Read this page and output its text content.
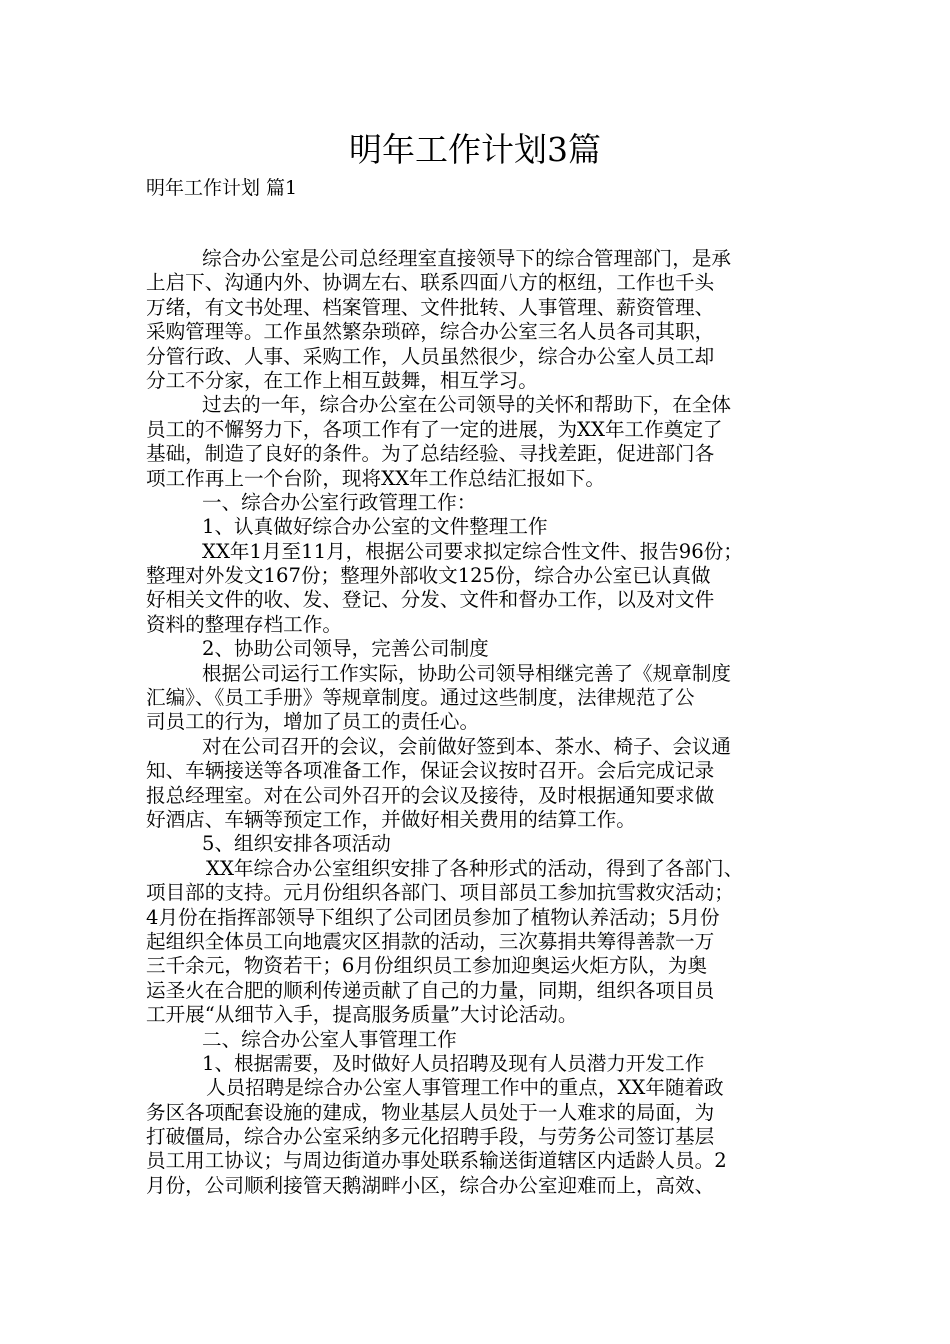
明年工作计划3篇
明年工作计划 篇1
综合办公室是公司总经理室直接领导下的综合管理部门，是承
上启下、沟通内外、协调左右、联系四面八方的枢纽，工作也千头
万绪，有文书处理、档案管理、文件批转、人事管理、薪资管理、
采购管理等。工作虽然繁杂琐碎，综合办公室三名人员各司其职，
分管行政、人事、采购工作，人员虽然很少，综合办公室人员工却
分工不分家，在工作上相互鼓舞，相互学习。
过去的一年，综合办公室在公司领导的关怀和帮助下，在全体
员工的不懈努力下，各项工作有了一定的进展，为XX年工作奠定了
基础，制造了良好的条件。为了总结经验、寻找差距，促进部门各
项工作再上一个台阶，现将XX年工作总结汇报如下。
一、综合办公室行政管理工作：
1、认真做好综合办公室的文件整理工作
XX年1月至11月，根据公司要求拟定综合性文件、报告96份；
整理对外发文167份；整理外部收文125份，综合办公室已认真做
好相关文件的收、发、登记、分发、文件和督办工作，以及对文件
资料的整理存档工作。
2、协助公司领导，完善公司制度
根据公司运行工作实际，协助公司领导相继完善了《规章制度
汇编》、《员工手册》等规章制度。通过这些制度，法律规范了公
司员工的行为，增加了员工的责任心。
对在公司召开的会议，会前做好签到本、茶水、椅子、会议通
知、车辆接送等各项准备工作，保证会议按时召开。会后完成记录
报总经理室。对在公司外召开的会议及接待，及时根据通知要求做
好酒店、车辆等预定工作，并做好相关费用的结算工作。
5、组织安排各项活动
XX年综合办公室组织安排了各种形式的活动，得到了各部门、
项目部的支持。元月份组织各部门、项目部员工参加抗雪救灾活动；
4月份在指挥部领导下组织了公司团员参加了植物认养活动；5月份
起组织全体员工向地震灾区捐款的活动，三次募捐共筹得善款一万
三千余元，物资若干；6月份组织员工参加迎奥运火炬方队，为奥
运圣火在合肥的顺利传递贡献了自己的力量，同期，组织各项目员
工开展“从细节入手，提高服务质量”大讨论活动。
二、综合办公室人事管理工作
1、根据需要，及时做好人员招聘及现有人员潜力开发工作
人员招聘是综合办公室人事管理工作中的重点，XX年随着政
务区各项配套设施的建成，物业基层人员处于一人难求的局面，为
打破僵局，综合办公室采纳多元化招聘手段，与劳务公司签订基层
员工用工协议；与周边街道办事处联系输送街道辖区内适龄人员。2
月份，公司顺利接管天鹅湖畔小区，综合办公室迎难而上，高效、
